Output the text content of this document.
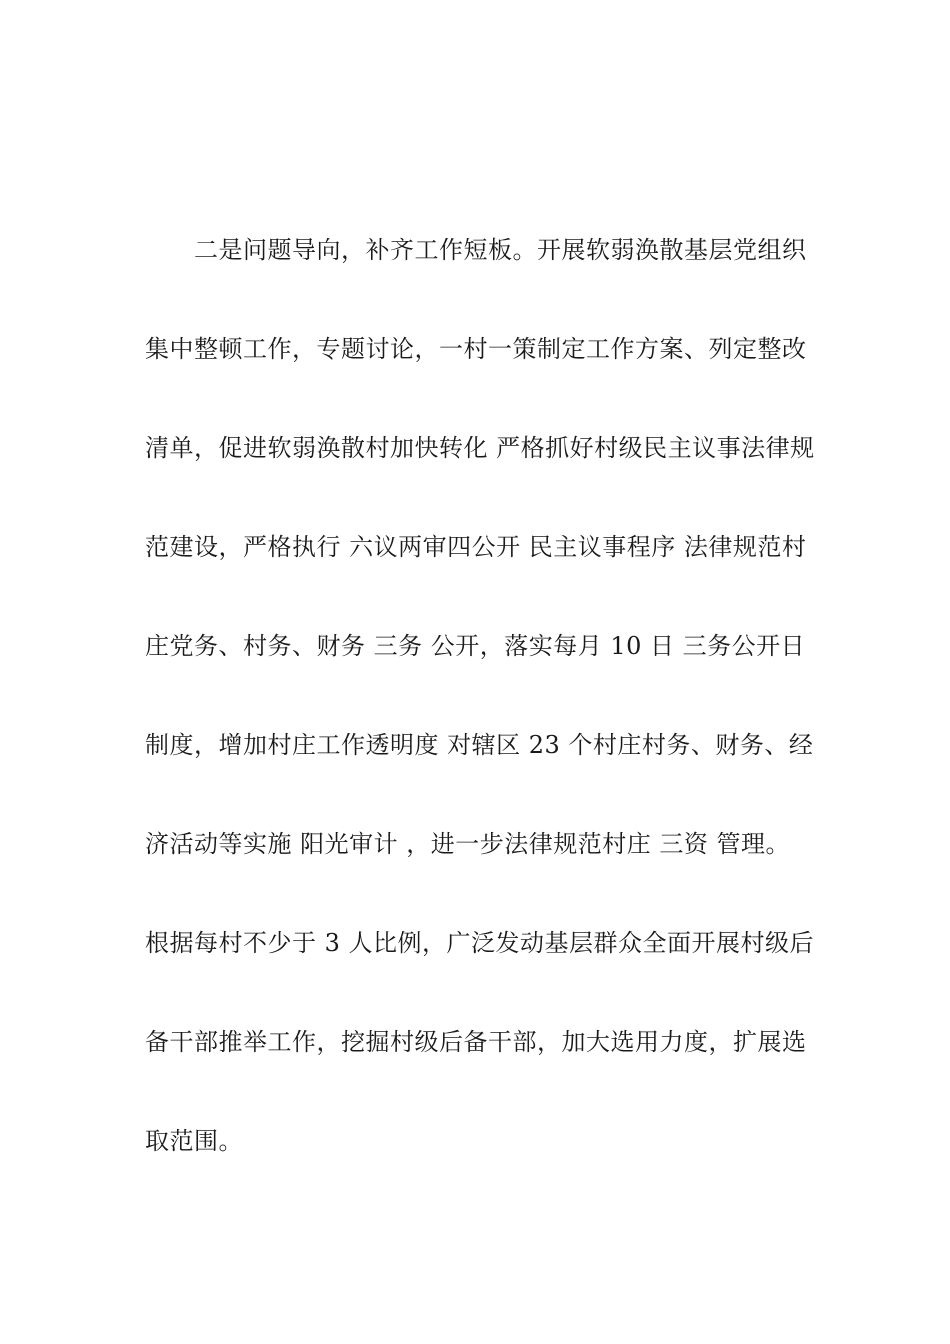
　　二是问题导向，补齐工作短板。开展软弱涣散基层党组织
集中整顿工作，专题讨论，一村一策制定工作方案、列定整改
清单，促进软弱涣散村加快转化 严格抓好村级民主议事法律规
范建设，严格执行 六议两审四公开 民主议事程序 法律规范村
庄党务、村务、财务 三务 公开，落实每月 10 日 三务公开日
制度，增加村庄工作透明度 对辖区 23 个村庄村务、财务、经
济活动等实施 阳光审计 ，进一步法律规范村庄 三资 管理。
根据每村不少于 3 人比例，广泛发动基层群众全面开展村级后
备干部推举工作，挖掘村级后备干部，加大选用力度，扩展选
取范围。
